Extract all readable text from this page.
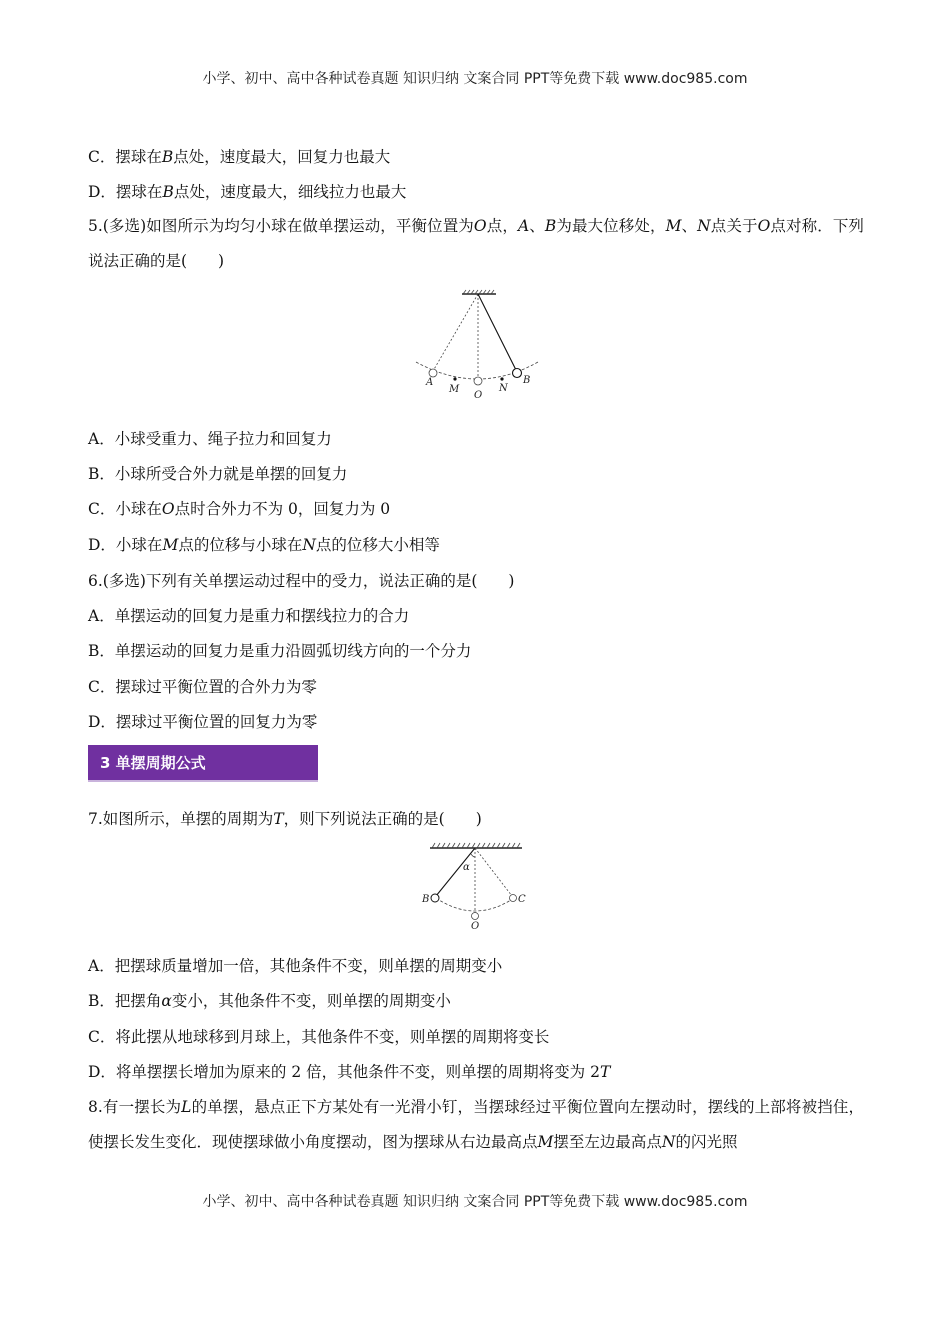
小学、初中、高中各种试卷真题 知识归纳 文案合同 PPT等免费下载 www.doc985.com
C．摆球在B点处，速度最大，回复力也最大
D．摆球在B点处，速度最大，细线拉力也最大
5.(多选)如图所示为均匀小球在做单摆运动，平衡位置为O点，A、B为最大位移处，M、N点关于O点对称．下列说法正确的是(　　)
A
M
O
N
B
A．小球受重力、绳子拉力和回复力
B．小球所受合外力就是单摆的回复力
C．小球在O点时合外力不为 0，回复力为 0
D．小球在M点的位移与小球在N点的位移大小相等
6.(多选)下列有关单摆运动过程中的受力，说法正确的是(　　)
A．单摆运动的回复力是重力和摆线拉力的合力
B．单摆运动的回复力是重力沿圆弧切线方向的一个分力
C．摆球过平衡位置的合外力为零
D．摆球过平衡位置的回复力为零
3 单摆周期公式
7.如图所示，单摆的周期为T，则下列说法正确的是(　　)
α
B	C
O
A．把摆球质量增加一倍，其他条件不变，则单摆的周期变小
B．把摆角α变小，其他条件不变，则单摆的周期变小
C．将此摆从地球移到月球上，其他条件不变，则单摆的周期将变长
D．将单摆摆长增加为原来的 2 倍，其他条件不变，则单摆的周期将变为 2T
8.有一摆长为L的单摆，悬点正下方某处有一光滑小钉，当摆球经过平衡位置向左摆动时，摆线的上部将被挡住，使摆长发生变化．现使摆球做小角度摆动，图为摆球从右边最高点M摆至左边最高点N的闪光照
小学、初中、高中各种试卷真题 知识归纳 文案合同 PPT等免费下载 www.doc985.com
